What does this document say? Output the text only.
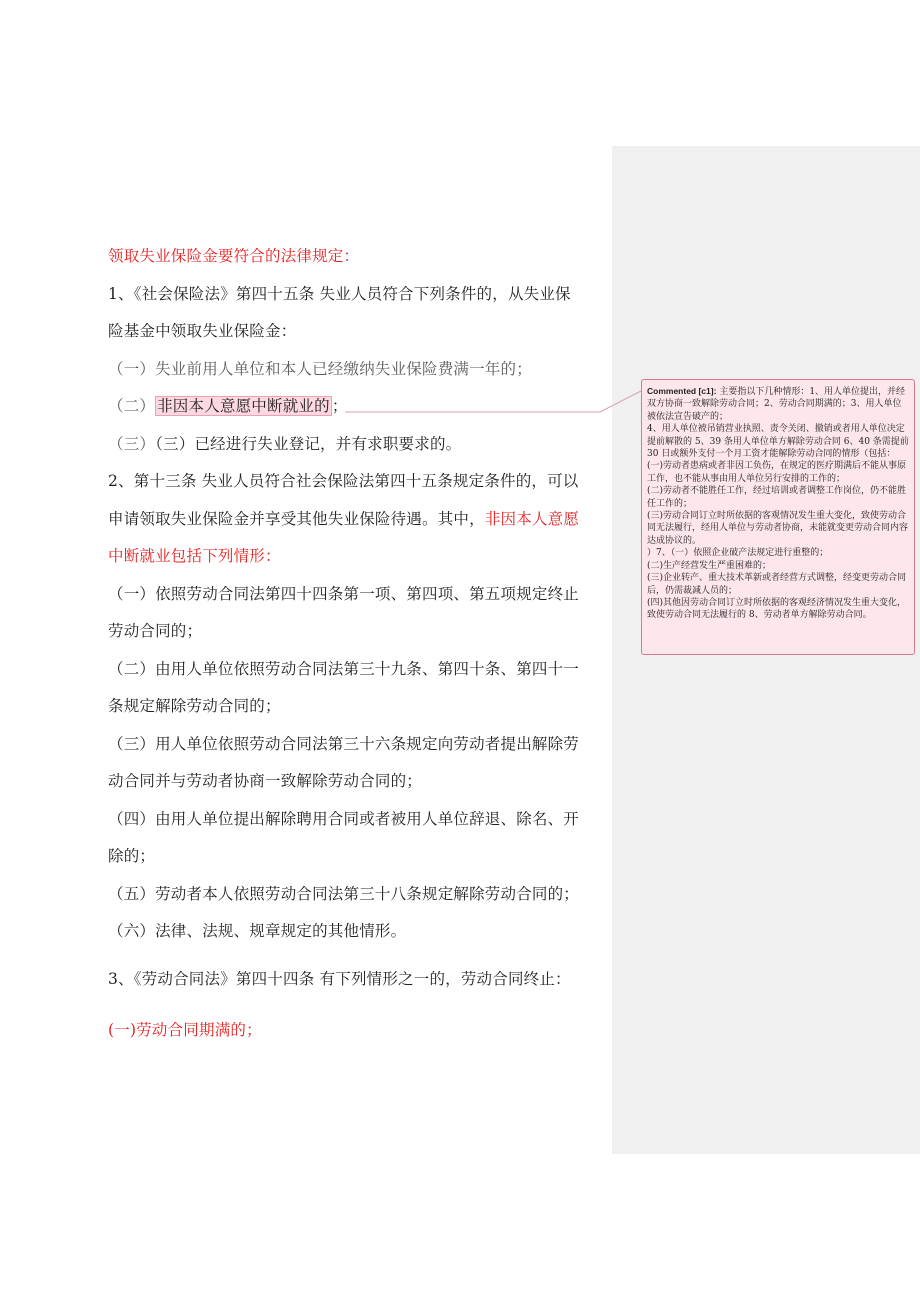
领取失业保险金要符合的法律规定：

1、《社会保险法》第四十五条 失业人员符合下列条件的，从失业保

险基金中领取失业保险金：

（一）失业前用人单位和本人已经缴纳失业保险费满一年的；

（二） 非因本人意愿中断就业的 ；

（三）（三）已经进行失业登记，并有求职要求的。

2、第十三条 失业人员符合社会保险法第四十五条规定条件的，可以

申请领取失业保险金并享受其他失业保险待遇。其中，非因本人意愿

中断就业包括下列情形：

（一）依照劳动合同法第四十四条第一项、第四项、第五项规定终止

劳动合同的；

（二）由用人单位依照劳动合同法第三十九条、第四十条、第四十一

条规定解除劳动合同的；

（三）用人单位依照劳动合同法第三十六条规定向劳动者提出解除劳

动合同并与劳动者协商一致解除劳动合同的；

（四）由用人单位提出解除聘用合同或者被用人单位辞退、除名、开

除的；

（五）劳动者本人依照劳动合同法第三十八条规定解除劳动合同的；

（六）法律、法规、规章规定的其他情形。

3、《劳动合同法》第四十四条 有下列情形之一的，劳动合同终止：

(一)劳动合同期满的；

Commented [c1]: 主要指以下几种情形：1、用人单位提出，并经双方协商一致解除劳动合同；2、劳动合同期满的；3、用人单位被依法宣告破产的；

4、用人单位被吊销营业执照、责令关闭、撤销或者用人单位决定提前解散的 5、39 条用人单位单方解除劳动合同 6、40 条需提前 30 日或额外支付一个月工资才能解除劳动合同的情形（包括：(一)劳动者患病或者非因工负伤，在规定的医疗期满后不能从事原工作，也不能从事由用人单位另行安排的工作的；

(二)劳动者不能胜任工作，经过培训或者调整工作岗位，仍不能胜任工作的；

(三)劳动合同订立时所依据的客观情况发生重大变化，致使劳动合同无法履行，经用人单位与劳动者协商，未能就变更劳动合同内容达成协议的。

）7、（一）依照企业破产法规定进行重整的；

(二)生产经营发生严重困难的；

(三)企业转产、重大技术革新或者经营方式调整，经变更劳动合同后，仍需裁减人员的；

(四)其他因劳动合同订立时所依据的客观经济情况发生重大变化，致使劳动合同无法履行的 8、劳动者单方解除劳动合同。
